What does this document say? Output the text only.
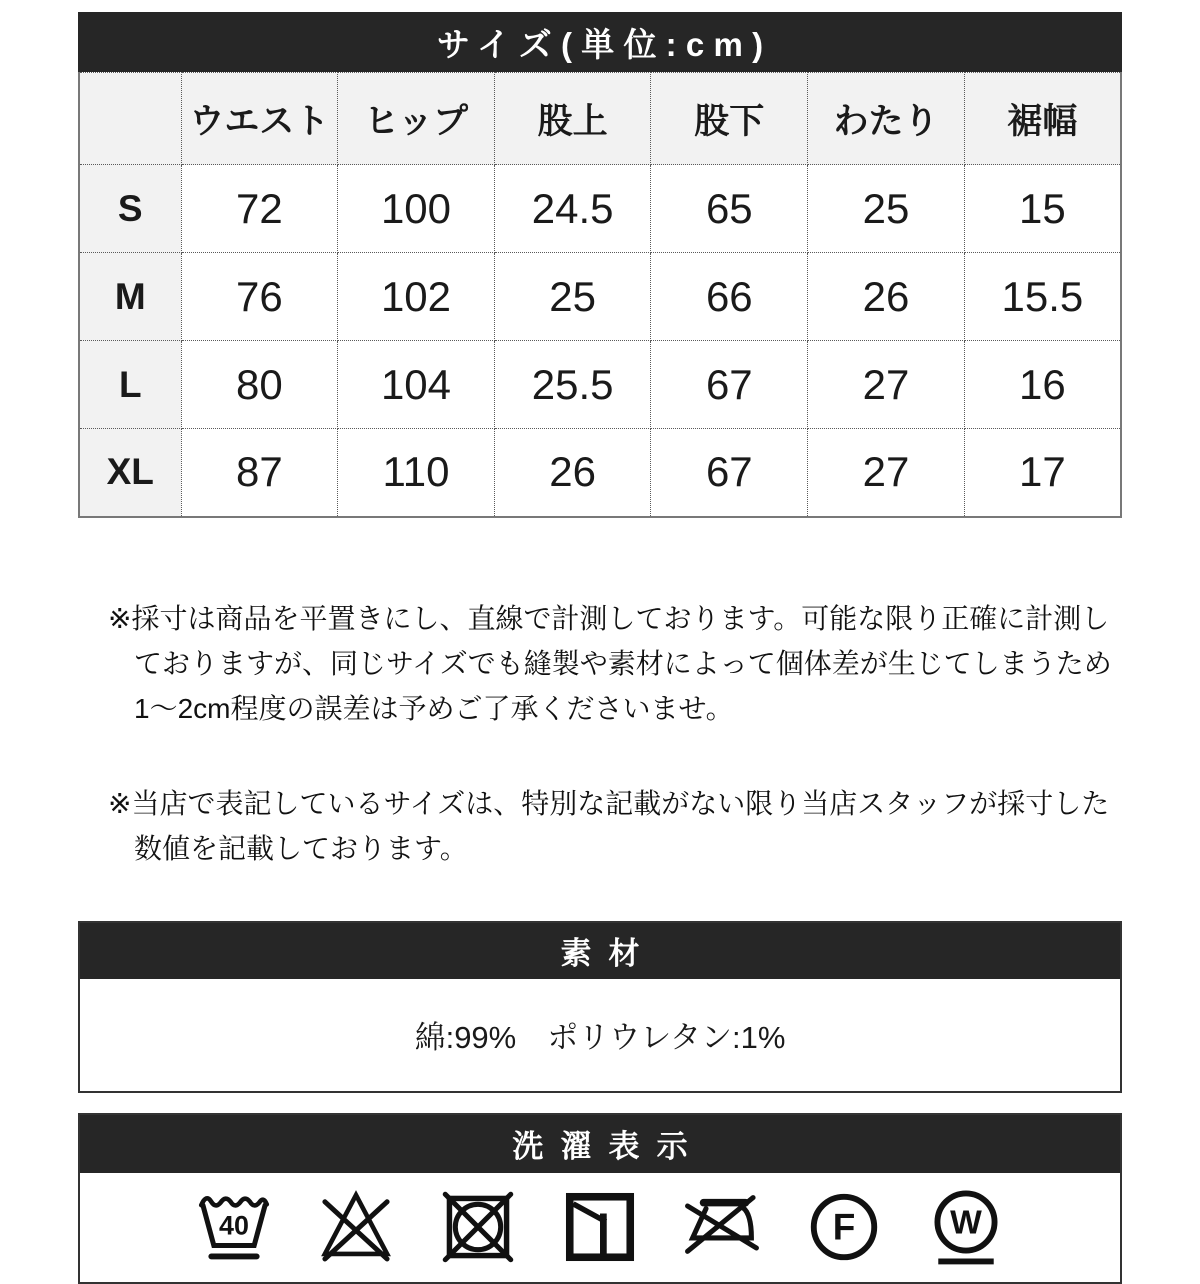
サイズ(単位:cm)
	ウエスト	ヒップ	股上	股下	わたり	裾幅
S	72	100	24.5	65	25	15
M	76	102	25	66	26	15.5
L	80	104	25.5	67	27	16
XL	87	110	26	67	27	17
※採寸は商品を平置きにし、直線で計測しております。可能な限り正確に計測し
ておりますが、同じサイズでも縫製や素材によって個体差が生じてしまうため
1〜2cm程度の誤差は予めご了承くださいませ。
※当店で表記しているサイズは、特別な記載がない限り当店スタッフが採寸した
数値を記載しております。
素材
綿:99%　ポリウレタン:1%
洗濯表示
40	F W
